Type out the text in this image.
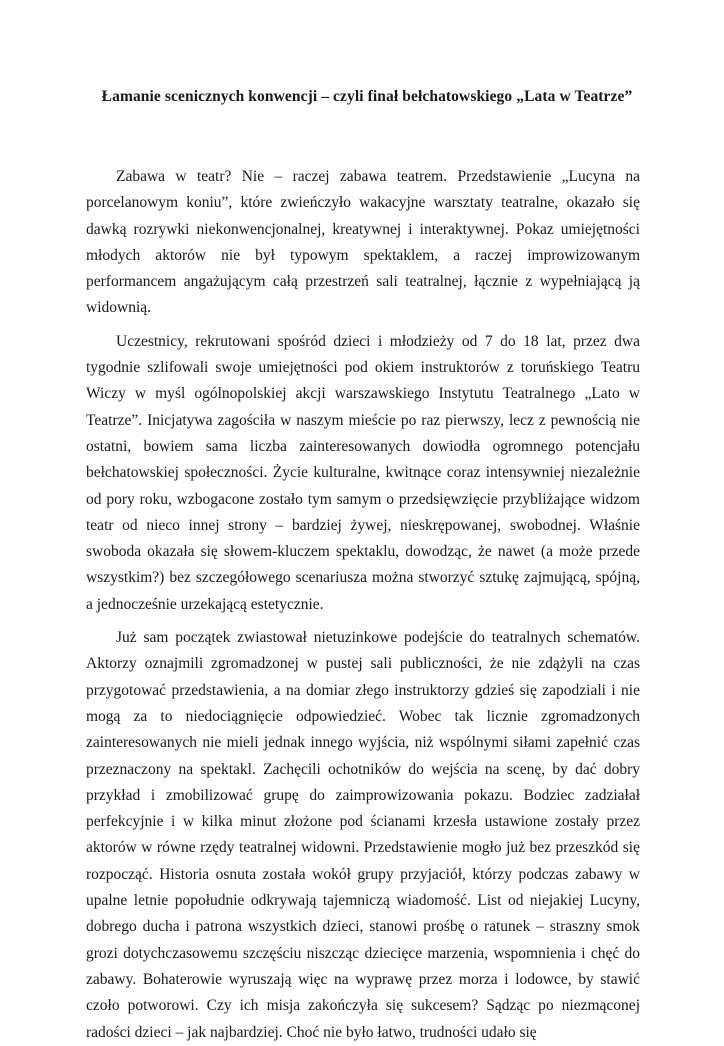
Łamanie scenicznych konwencji – czyli finał bełchatowskiego „Lata w Teatrze”

Zabawa w teatr? Nie – raczej zabawa teatrem. Przedstawienie „Lucyna na porcelanowym koniu”, które zwieńczyło wakacyjne warsztaty teatralne, okazało się dawką rozrywki niekonwencjonalnej, kreatywnej i interaktywnej. Pokaz umiejętności młodych aktorów nie był typowym spektaklem, a raczej improwizowanym performancem angażującym całą przestrzeń sali teatralnej, łącznie z wypełniającą ją widownią.

Uczestnicy, rekrutowani spośród dzieci i młodzieży od 7 do 18 lat, przez dwa tygodnie szlifowali swoje umiejętności pod okiem instruktorów z toruńskiego Teatru Wiczy w myśl ogólnopolskiej akcji warszawskiego Instytutu Teatralnego „Lato w Teatrze”. Inicjatywa zagościła w naszym mieście po raz pierwszy, lecz z pewnością nie ostatni, bowiem sama liczba zainteresowanych dowiodła ogromnego potencjału bełchatowskiej społeczności. Życie kulturalne, kwitnące coraz intensywniej niezależnie od pory roku, wzbogacone zostało tym samym o przedsięwzięcie przybliżające widzom teatr od nieco innej strony – bardziej żywej, nieskrępowanej, swobodnej. Właśnie swoboda okazała się słowem-kluczem spektaklu, dowodząc, że nawet (a może przede wszystkim?) bez szczegółowego scenariusza można stworzyć sztukę zajmującą, spójną, a jednocześnie urzekającą estetycznie.

Już sam początek zwiastował nietuzinkowe podejście do teatralnych schematów. Aktorzy oznajmili zgromadzonej w pustej sali publiczności, że nie zdążyli na czas przygotować przedstawienia, a na domiar złego instruktorzy gdzieś się zapodziali i nie mogą za to niedociągnięcie odpowiedzieć. Wobec tak licznie zgromadzonych zainteresowanych nie mieli jednak innego wyjścia, niż wspólnymi siłami zapełnić czas przeznaczony na spektakl. Zachęcili ochotników do wejścia na scenę, by dać dobry przykład i zmobilizować grupę do zaimprowizowania pokazu. Bodziec zadziałał perfekcyjnie i w kilka minut złożone pod ścianami krzesła ustawione zostały przez aktorów w równe rzędy teatralnej widowni. Przedstawienie mogło już bez przeszkód się rozpocząć. Historia osnuta została wokół grupy przyjaciół, którzy podczas zabawy w upalne letnie popołudnie odkrywają tajemniczą wiadomość. List od niejakiej Lucyny, dobrego ducha i patrona wszystkich dzieci, stanowi prośbę o ratunek – straszny smok grozi dotychczasowemu szczęściu niszcząc dziecięce marzenia, wspomnienia i chęć do zabawy. Bohaterowie wyruszają więc na wyprawę przez morza i lodowce, by stawić czoło potworowi. Czy ich misja zakończyła się sukcesem? Sądząc po niezmąconej radości dzieci – jak najbardziej. Choć nie było łatwo, trudności udało się
